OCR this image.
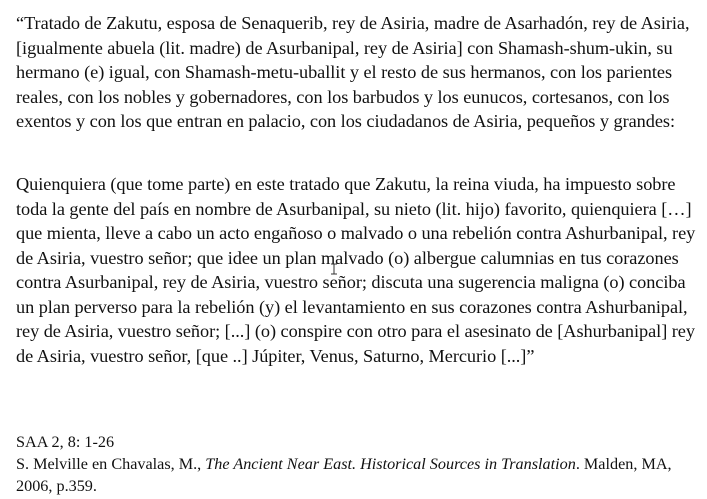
“Tratado de Zakutu, esposa de Senaquerib, rey de Asiria, madre de Asarhadón, rey de Asiria, [igualmente abuela (lit. madre) de Asurbanipal, rey de Asiria] con Shamash-shum-ukin, su hermano (e) igual, con Shamash-metu-uballit y el resto de sus hermanos, con los parientes reales, con los nobles y gobernadores, con los barbudos y los eunucos, cortesanos, con los exentos y con los que entran en palacio, con los ciudadanos de Asiria, pequeños y grandes:

Quienquiera (que tome parte) en este tratado que Zakutu, la reina viuda, ha impuesto sobre toda la gente del país en nombre de Asurbanipal, su nieto (lit. hijo) favorito, quienquiera […] que mienta, lleve a cabo un acto engañoso o malvado o una rebelión contra Ashurbanipal, rey de Asiria, vuestro señor; que idee un plan malvado (o) albergue calumnias en tus corazones contra Asurbanipal, rey de Asiria, vuestro señor; discuta una sugerencia maligna (o) conciba un plan perverso para la rebelión (y) el levantamiento en sus corazones contra Ashurbanipal, rey de Asiria, vuestro señor; [...] (o) conspire con otro para el asesinato de [Ashurbanipal] rey de Asiria, vuestro señor, [que ..] Júpiter, Venus, Saturno, Mercurio [...]”

SAA 2, 8: 1-26

S. Melville en Chavalas, M., The Ancient Near East. Historical Sources in Translation. Malden, MA, 2006, p.359.
